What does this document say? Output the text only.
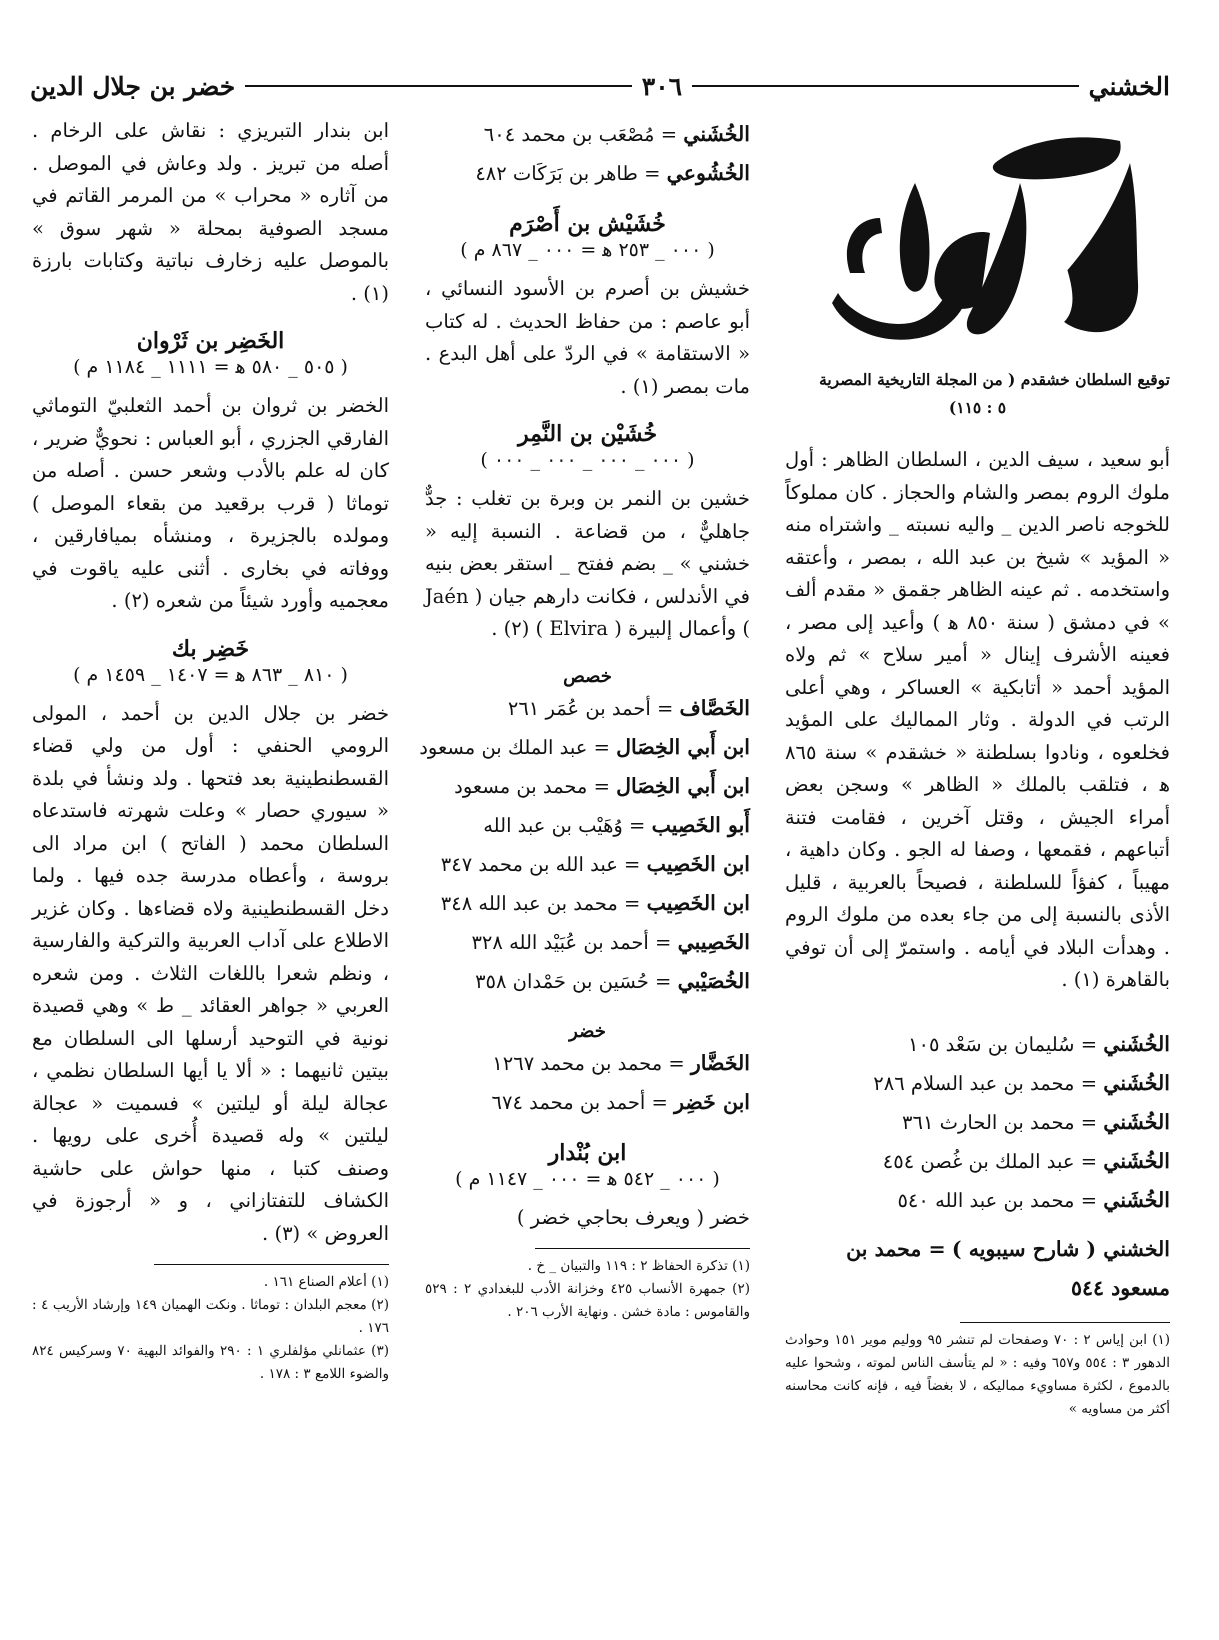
الخشني
٣٠٦
خضر بن جلال الدين
توقيع السلطان خشقدم ( من المجلة التاريخية المصرية
٥ : ١١٥)

أبو سعيد ، سيف الدين ، السلطان الظاهر : أول ملوك الروم بمصر والشام والحجاز . كان مملوكاً للخوجه ناصر الدين _ واليه نسبته _ واشتراه منه « المؤيد » شيخ بن عبد الله ، بمصر ، وأعتقه واستخدمه . ثم عينه الظاهر جقمق « مقدم ألف » في دمشق ( سنة ٨٥٠ ﻫ ) وأعيد إلى مصر ، فعينه الأشرف إينال « أمير سلاح » ثم ولاه المؤيد أحمد « أتابكية » العساكر ، وهي أعلى الرتب في الدولة . وثار المماليك على المؤيد فخلعوه ، ونادوا بسلطنة « خشقدم » سنة ٨٦٥ ﻫ ، فتلقب بالملك « الظاهر » وسجن بعض أمراء الجيش ، وقتل آخرين ، فقامت فتنة أتباعهم ، فقمعها ، وصفا له الجو . وكان داهية ، مهيباً ، كفؤاً للسلطنة ، فصيحاً بالعربية ، قليل الأذى بالنسبة إلى من جاء بعده من ملوك الروم . وهدأت البلاد في أيامه . واستمرّ إلى أن توفي بالقاهرة (١) .

الخُشَني = سُليمان بن سَعْد ١٠٥

الخُشَني = محمد بن عبد السلام ٢٨٦

الخُشَني = محمد بن الحارث ٣٦١

الخُشَني = عبد الملك بن غُصن ٤٥٤

الخُشَني = محمد بن عبد الله ٥٤٠

الخشني ( شارح سيبويه ) = محمد بن مسعود ٥٤٤

(١) ابن إياس ٢ : ٧٠ وصفحات لم تنشر ٩٥ ووليم موير ١٥١ وحوادث الدهور ٣ : ٥٥٤ و٦٥٧ وفيه : « لم يتأسف الناس لموته ، وشحوا عليه بالدموع ، لكثرة مساويء مماليكه ، لا بغضاً فيه ، فإنه كانت محاسنه أكثر من مساويه »

الخُشَني = مُصْعَب بن محمد ٦٠٤

الخُشُوعي = طاهر بن بَرَكَات ٤٨٢

خُشَيْش بن أَصْرَم
( ٠٠٠ _ ٢٥٣ ﻫ = ٠٠٠ _ ٨٦٧ م )

خشيش بن أصرم بن الأسود النسائي ، أبو عاصم : من حفاظ الحديث . له كتاب « الاستقامة » في الردّ على أهل البدع . مات بمصر (١) .

خُشَيْن بن النَّمِر
( ٠٠٠ _ ٠٠٠ _ ٠٠٠ _ ٠٠٠ )

خشين بن النمر بن وبرة بن تغلب : جدٌّ جاهليٌّ ، من قضاعة . النسبة إليه « خشني » _ بضم ففتح _ استقر بعض بنيه في الأندلس ، فكانت دارهم جيان ( Jaén ) وأعمال إلبيرة ( Elvira ) (٢) .

خصص

الخَصَّاف = أحمد بن عُمَر ٢٦١

ابن أَبي الخِصَال = عبد الملك بن مسعود

ابن أَبي الخِصَال = محمد بن مسعود

أَبو الخَصِيب = وُهَيْب بن عبد الله

ابن الخَصِيب = عبد الله بن محمد ٣٤٧

ابن الخَصِيب = محمد بن عبد الله ٣٤٨

الخَصِيبي = أحمد بن عُبَيْد الله ٣٢٨

الخُصَيْبي = حُسَين بن حَمْدان ٣٥٨

خضر

الخَضَّار = محمد بن محمد ١٢٦٧

ابن خَضِر = أحمد بن محمد ٦٧٤

ابن بُنْدار
( ٠٠٠ _ ٥٤٢ ﻫ = ٠٠٠ _ ١١٤٧ م )

خضر ( ويعرف بحاجي خضر )

(١) تذكرة الحفاظ ٢ : ١١٩ والتبيان _ خ .

(٢) جمهرة الأنساب ٤٢٥ وخزانة الأدب للبغدادي ٢ : ٥٢٩ والقاموس : مادة خشن . ونهاية الأرب ٢٠٦ .

ابن بندار التبريزي : نقاش على الرخام . أصله من تبريز . ولد وعاش في الموصل . من آثاره « محراب » من المرمر القاتم في مسجد الصوفية بمحلة « شهر سوق » بالموصل عليه زخارف نباتية وكتابات بارزة (١) .

الخَضِر بن ثَرْوان
( ٥٠٥ _ ٥٨٠ ﻫ = ١١١١ _ ١١٨٤ م )

الخضر بن ثروان بن أحمد الثعلبيّ التوماثي الفارقي الجزري ، أبو العباس : نحويٌّ ضرير ، كان له علم بالأدب وشعر حسن . أصله من توماثا ( قرب برقعيد من بقعاء الموصل ) ومولده بالجزيرة ، ومنشأه بميافارقين ، ووفاته في بخارى . أثنى عليه ياقوت في معجميه وأورد شيئاً من شعره (٢) .

خَضِر بك
( ٨١٠ _ ٨٦٣ ﻫ = ١٤٠٧ _ ١٤٥٩ م )

خضر بن جلال الدين بن أحمد ، المولى الرومي الحنفي : أول من ولي قضاء القسطنطينية بعد فتحها . ولد ونشأ في بلدة « سيوري حصار » وعلت شهرته فاستدعاه السلطان محمد ( الفاتح ) ابن مراد الى بروسة ، وأعطاه مدرسة جده فيها . ولما دخل القسطنطينية ولاه قضاءها . وكان غزير الاطلاع على آداب العربية والتركية والفارسية ، ونظم شعرا باللغات الثلاث . ومن شعره العربي « جواهر العقائد _ ط » وهي قصيدة نونية في التوحيد أرسلها الى السلطان مع بيتين ثانيهما : « ألا يا أيها السلطان نظمي ، عجالة ليلة أو ليلتين » فسميت « عجالة ليلتين » وله قصيدة أُخرى على رويها . وصنف كتبا ، منها حواش على حاشية الكشاف للتفتازاني ، و « أرجوزة في العروض » (٣) .

(١) أعلام الصناع ١٦١ .

(٢) معجم البلدان : توماثا . ونكت الهميان ١٤٩ وإرشاد الأريب ٤ : ١٧٦ .

(٣) عثمانلي مؤلفلري ١ : ٢٩٠ والفوائد البهية ٧٠ وسركيس ٨٢٤ والضوء اللامع ٣ : ١٧٨ .
